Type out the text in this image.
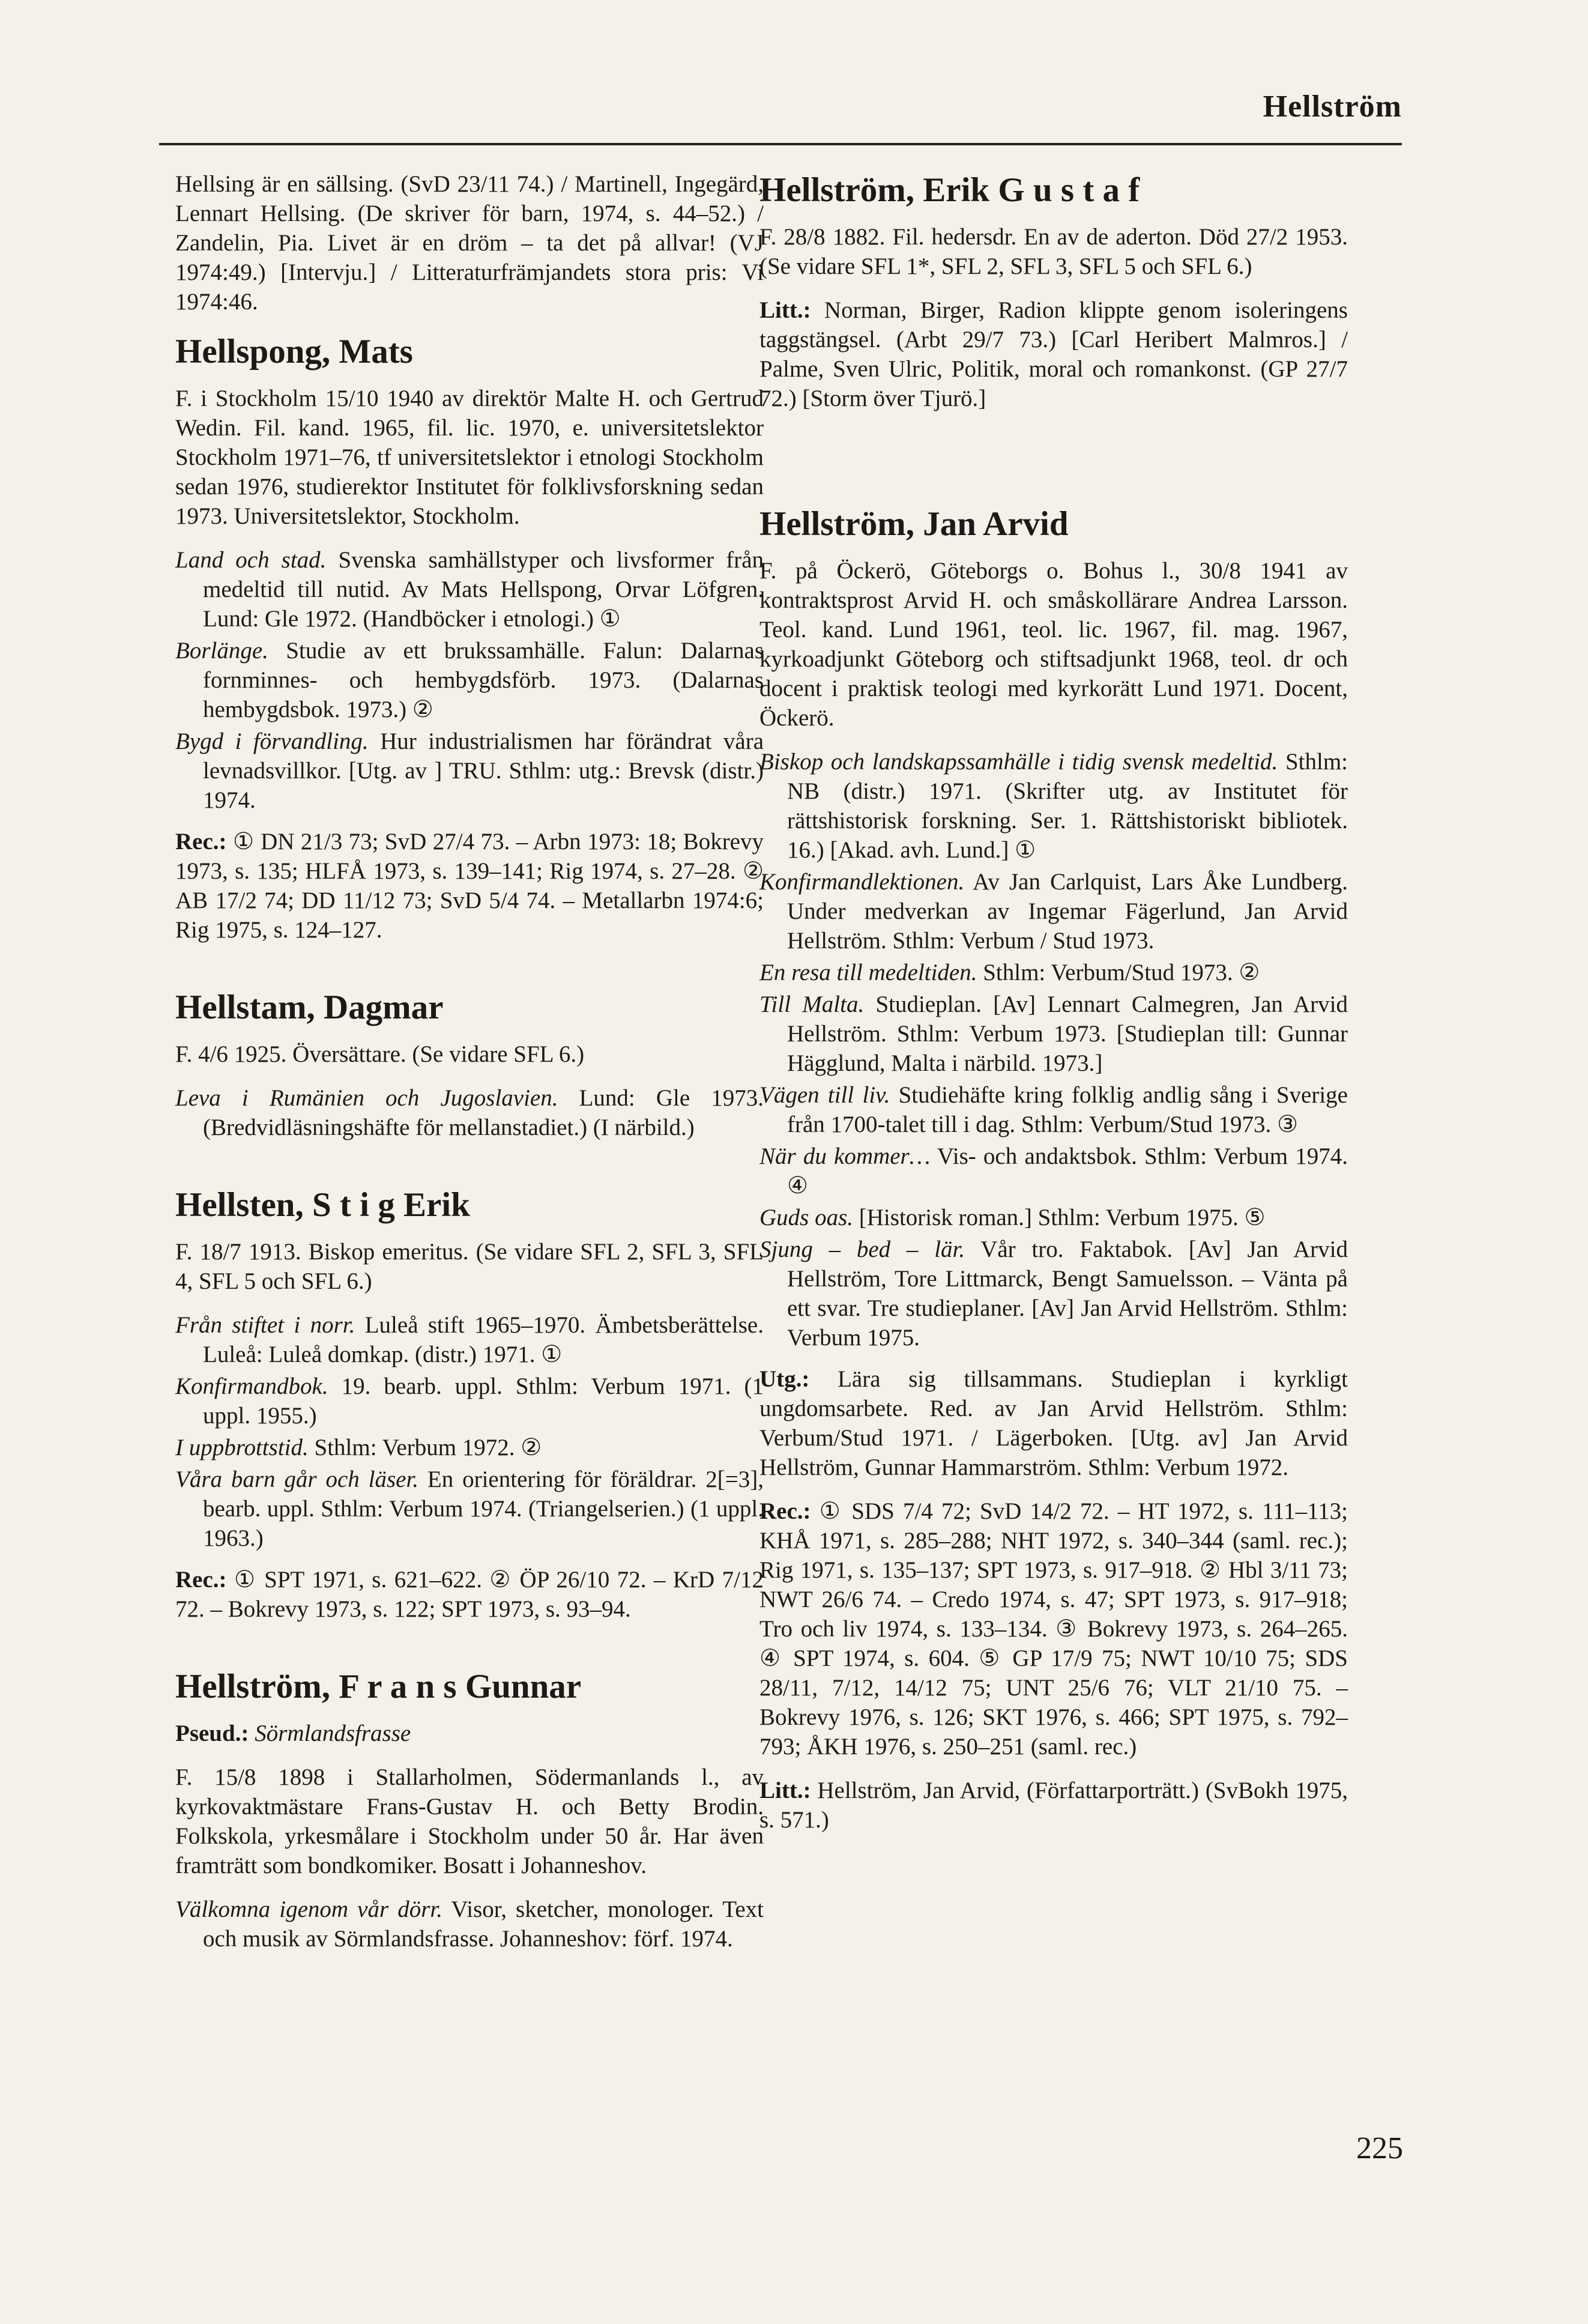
Hellström

Hellsing är en sällsing. (SvD 23/11 74.) / Martinell, Ingegärd, Lennart Hellsing. (De skriver för barn, 1974, s. 44–52.) / Zandelin, Pia. Livet är en dröm – ta det på allvar! (VJ 1974:49.) [Intervju.] / Litteraturfrämjandets stora pris: Vi 1974:46.

Hellspong, Mats

F. i Stockholm 15/10 1940 av direktör Malte H. och Gertrud Wedin. Fil. kand. 1965, fil. lic. 1970, e. universitetslektor Stockholm 1971–76, tf universitetslektor i etnologi Stockholm sedan 1976, studierektor Institutet för folklivsforskning sedan 1973. Universitetslektor, Stockholm.

Land och stad. Svenska samhällstyper och livsformer från medeltid till nutid. Av Mats Hellspong, Orvar Löfgren. Lund: Gle 1972. (Handböcker i etnologi.) ①

Borlänge. Studie av ett brukssamhälle. Falun: Dalarnas fornminnes- och hembygdsförb. 1973. (Dalarnas hembygdsbok. 1973.) ②

Bygd i förvandling. Hur industrialismen har förändrat våra levnadsvillkor. [Utg. av ] TRU. Sthlm: utg.: Brevsk (distr.) 1974.

Rec.: ① DN 21/3 73; SvD 27/4 73. – Arbn 1973: 18; Bokrevy 1973, s. 135; HLFÅ 1973, s. 139–141; Rig 1974, s. 27–28. ② AB 17/2 74; DD 11/12 73; SvD 5/4 74. – Metallarbn 1974:6; Rig 1975, s. 124–127.

Hellstam, Dagmar

F. 4/6 1925. Översättare. (Se vidare SFL 6.)

Leva i Rumänien och Jugoslavien. Lund: Gle 1973. (Bredvidläsningshäfte för mellanstadiet.) (I närbild.)

Hellsten, S t i g Erik

F. 18/7 1913. Biskop emeritus. (Se vidare SFL 2, SFL 3, SFL 4, SFL 5 och SFL 6.)

Från stiftet i norr. Luleå stift 1965–1970. Ämbetsberättelse. Luleå: Luleå domkap. (distr.) 1971. ①

Konfirmandbok. 19. bearb. uppl. Sthlm: Verbum 1971. (1 uppl. 1955.)

I uppbrottstid. Sthlm: Verbum 1972. ②

Våra barn går och läser. En orientering för föräldrar. 2[=3], bearb. uppl. Sthlm: Verbum 1974. (Triangelserien.) (1 uppl. 1963.)

Rec.: ① SPT 1971, s. 621–622. ② ÖP 26/10 72. – KrD 7/12 72. – Bokrevy 1973, s. 122; SPT 1973, s. 93–94.

Hellström, F r a n s Gunnar

Pseud.: Sörmlandsfrasse

F. 15/8 1898 i Stallarholmen, Södermanlands l., av kyrkovaktmästare Frans-Gustav H. och Betty Brodin. Folkskola, yrkesmålare i Stockholm under 50 år. Har även framträtt som bondkomiker. Bosatt i Johanneshov.

Välkomna igenom vår dörr. Visor, sketcher, monologer. Text och musik av Sörmlandsfrasse. Johanneshov: förf. 1974.

Hellström, Erik G u s t a f

F. 28/8 1882. Fil. hedersdr. En av de aderton. Död 27/2 1953. (Se vidare SFL 1*, SFL 2, SFL 3, SFL 5 och SFL 6.)

Litt.: Norman, Birger, Radion klippte genom isoleringens taggstängsel. (Arbt 29/7 73.) [Carl Heribert Malmros.] / Palme, Sven Ulric, Politik, moral och romankonst. (GP 27/7 72.) [Storm över Tjurö.]

Hellström, Jan Arvid

F. på Öckerö, Göteborgs o. Bohus l., 30/8 1941 av kontraktsprost Arvid H. och småskollärare Andrea Larsson. Teol. kand. Lund 1961, teol. lic. 1967, fil. mag. 1967, kyrkoadjunkt Göteborg och stiftsadjunkt 1968, teol. dr och docent i praktisk teologi med kyrkorätt Lund 1971. Docent, Öckerö.

Biskop och landskapssamhälle i tidig svensk medeltid. Sthlm: NB (distr.) 1971. (Skrifter utg. av Institutet för rättshistorisk forskning. Ser. 1. Rättshistoriskt bibliotek. 16.) [Akad. avh. Lund.] ①

Konfirmandlektionen. Av Jan Carlquist, Lars Åke Lundberg. Under medverkan av Ingemar Fägerlund, Jan Arvid Hellström. Sthlm: Verbum / Stud 1973.

En resa till medeltiden. Sthlm: Verbum/Stud 1973. ②

Till Malta. Studieplan. [Av] Lennart Calmegren, Jan Arvid Hellström. Sthlm: Verbum 1973. [Studieplan till: Gunnar Hägglund, Malta i närbild. 1973.]

Vägen till liv. Studiehäfte kring folklig andlig sång i Sverige från 1700-talet till i dag. Sthlm: Verbum/Stud 1973. ③

När du kommer… Vis- och andaktsbok. Sthlm: Verbum 1974. ④

Guds oas. [Historisk roman.] Sthlm: Verbum 1975. ⑤

Sjung – bed – lär. Vår tro. Faktabok. [Av] Jan Arvid Hellström, Tore Littmarck, Bengt Samuelsson. – Vänta på ett svar. Tre studieplaner. [Av] Jan Arvid Hellström. Sthlm: Verbum 1975.

Utg.: Lära sig tillsammans. Studieplan i kyrkligt ungdomsarbete. Red. av Jan Arvid Hellström. Sthlm: Verbum/Stud 1971. / Lägerboken. [Utg. av] Jan Arvid Hellström, Gunnar Hammarström. Sthlm: Verbum 1972.

Rec.: ① SDS 7/4 72; SvD 14/2 72. – HT 1972, s. 111–113; KHÅ 1971, s. 285–288; NHT 1972, s. 340–344 (saml. rec.); Rig 1971, s. 135–137; SPT 1973, s. 917–918. ② Hbl 3/11 73; NWT 26/6 74. – Credo 1974, s. 47; SPT 1973, s. 917–918; Tro och liv 1974, s. 133–134. ③ Bokrevy 1973, s. 264–265. ④ SPT 1974, s. 604. ⑤ GP 17/9 75; NWT 10/10 75; SDS 28/11, 7/12, 14/12 75; UNT 25/6 76; VLT 21/10 75. – Bokrevy 1976, s. 126; SKT 1976, s. 466; SPT 1975, s. 792–793; ÅKH 1976, s. 250–251 (saml. rec.)

Litt.: Hellström, Jan Arvid, (Författarporträtt.) (SvBokh 1975, s. 571.)

225
